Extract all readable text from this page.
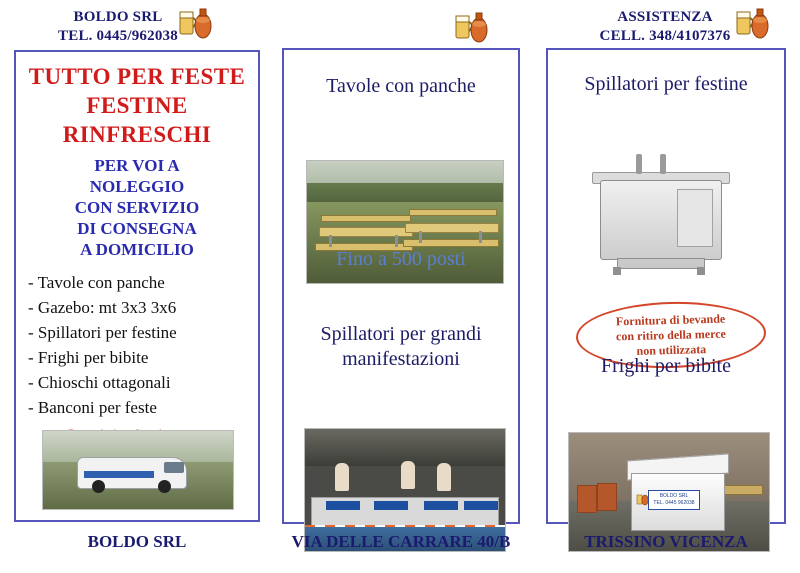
BOLDO SRL
TEL. 0445/962038
ASSISTENZA
CELL. 348/4107376
TUTTO PER FESTE
FESTINE
RINFRESCHI
PER VOI A
NOLEGGIO
CON SERVIZIO
DI CONSEGNA
A DOMICILIO
- Tavole con panche
- Gazebo: mt 3x3 3x6
- Spillatori per festine
- Frighi per bibite
- Chioschi ottagonali
- Banconi per feste
Tavole con panche
Fino a 500 posti
Spillatori per grandi
manifestazioni
Spillatori per festine
Fornitura di bevande
con ritiro della merce
non utilizzata
Frighi per bibite
BOLDO SRL
TEL. 0445 962038
BOLDO SRL	VIA DELLE CARRARE 40/B	TRISSINO VICENZA
